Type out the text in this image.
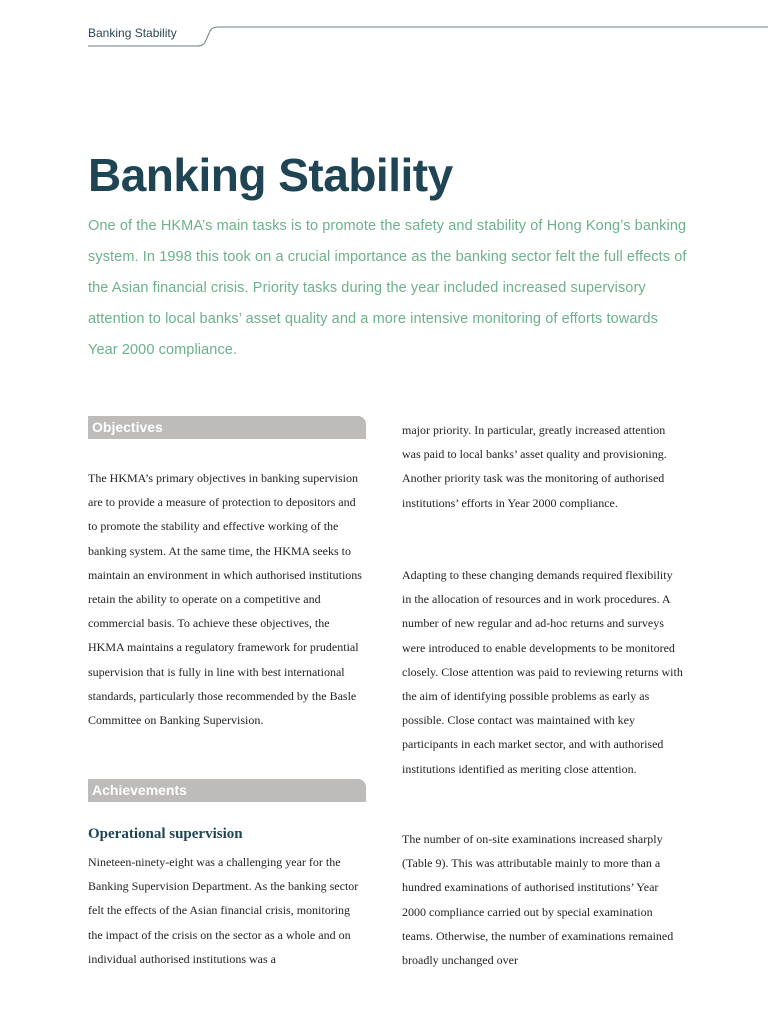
Banking Stability
Banking Stability

One of the HKMA’s main tasks is to promote the safety and stability of Hong Kong’s banking system. In 1998 this took on a crucial importance as the banking sector felt the full effects of the Asian financial crisis. Priority tasks during the year included increased supervisory attention to local banks’ asset quality and a more intensive monitoring of efforts towards Year 2000 compliance.

Objectives

The HKMA’s primary objectives in banking supervision are to provide a measure of protection to depositors and to promote the stability and effective working of the banking system. At the same time, the HKMA seeks to maintain an environment in which authorised institutions retain the ability to operate on a competitive and commercial basis. To achieve these objectives, the HKMA maintains a regulatory framework for prudential supervision that is fully in line with best international standards, particularly those recommended by the Basle Committee on Banking Supervision.

Achievements
Operational supervision

Nineteen-ninety-eight was a challenging year for the Banking Supervision Department. As the banking sector felt the effects of the Asian financial crisis, monitoring the impact of the crisis on the sector as a whole and on individual authorised institutions was a

major priority. In particular, greatly increased attention was paid to local banks’ asset quality and provisioning. Another priority task was the monitoring of authorised institutions’ efforts in Year 2000 compliance.

Adapting to these changing demands required flexibility in the allocation of resources and in work procedures. A number of new regular and ad-hoc returns and surveys were introduced to enable developments to be monitored closely. Close attention was paid to reviewing returns with the aim of identifying possible problems as early as possible. Close contact was maintained with key participants in each market sector, and with authorised institutions identified as meriting close attention.

The number of on-site examinations increased sharply (Table 9). This was attributable mainly to more than a hundred examinations of authorised institutions’ Year 2000 compliance carried out by special examination teams. Otherwise, the number of examinations remained broadly unchanged over
